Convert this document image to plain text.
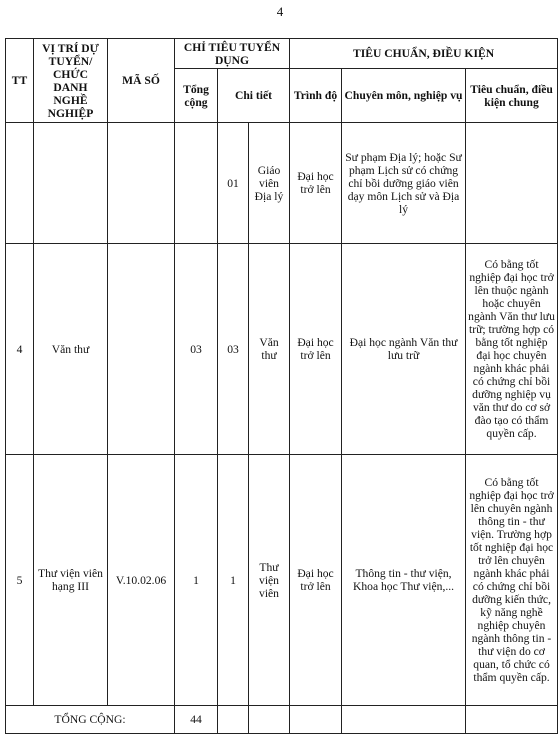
4
TT	VỊ TRÍ DỰ TUYỂN/ CHỨC DANH NGHỀ NGHIỆP	MÃ SỐ	CHỈ TIÊU TUYỂN DỤNG			TIÊU CHUẨN, ĐIỀU KIỆN		
			Tổng cộng	Chi tiết		Trình độ	Chuyên môn, nghiệp vụ	Tiêu chuẩn, điều kiện chung
				01	Giáo viên Địa lý	Đại học trở lên	Sư phạm Địa lý; hoặc Sư phạm Lịch sử có chứng chỉ bồi dưỡng giáo viên dạy môn Lịch sử và Địa lý	
4	Văn thư		03	03	Văn thư	Đại học trở lên	Đại học ngành Văn thư lưu trữ	Có bằng tốt nghiệp đại học trở lên thuộc ngành hoặc chuyên ngành Văn thư lưu trữ; trường hợp có bằng tốt nghiệp đại học chuyên ngành khác phải có chứng chỉ bồi dưỡng nghiệp vụ văn thư do cơ sở đào tạo có thẩm quyền cấp.
5	Thư viện viên hạng III	V.10.02.06	1	1	Thư viện viên	Đại học trở lên	Thông tin - thư viện, Khoa học Thư viện,...	Có bằng tốt nghiệp đại học trở lên chuyên ngành thông tin - thư viện. Trường hợp tốt nghiệp đại học trở lên chuyên ngành khác phải có chứng chỉ bồi dưỡng kiến thức, kỹ năng nghề nghiệp chuyên ngành thông tin - thư viện do cơ quan, tổ chức có thẩm quyền cấp.
TỔNG CỘNG:			44					
